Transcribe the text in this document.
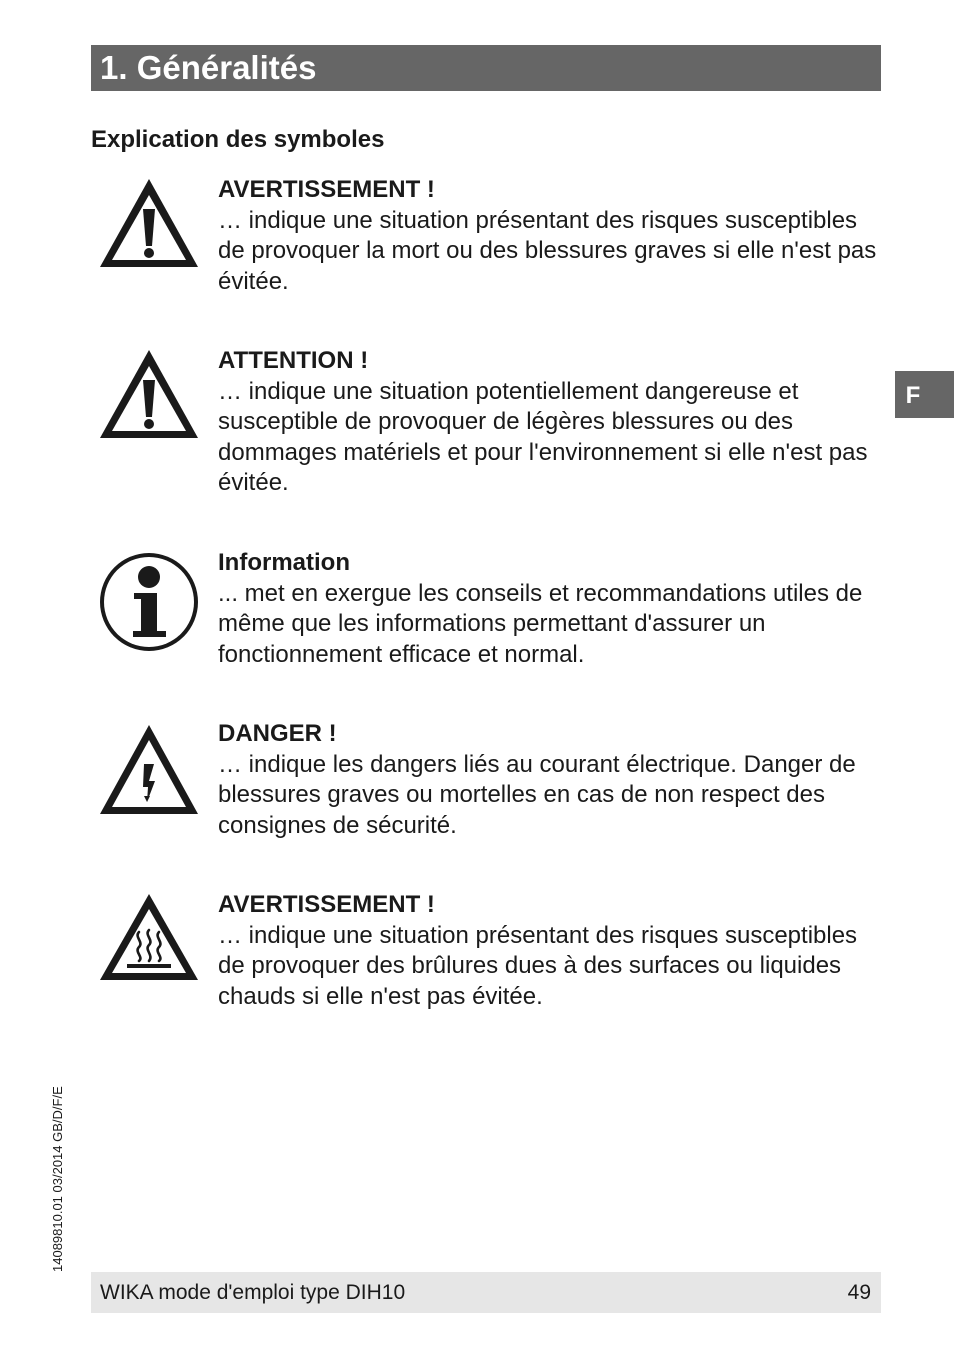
1. Généralités
Explication des symboles
AVERTISSEMENT !
… indique une situation présentant des risques susceptibles de provoquer la mort ou des blessures graves si elle n'est pas évitée.
ATTENTION !
… indique une situation potentiellement dangereuse et susceptible de provoquer de légères blessures ou des dommages matériels et pour l'environnement si elle n'est pas évitée.
Information
... met en exergue les conseils et recommandations utiles de même que les informations permettant d'assurer un fonctionnement efficace et normal.
DANGER !
… indique les dangers liés au courant électrique. Danger de blessures graves ou mortelles en cas de non respect des consignes de sécurité.
AVERTISSEMENT !
… indique une situation présentant des risques susceptibles de provoquer des brûlures dues à des surfaces ou liquides chauds si elle n'est pas évitée.
F
14089810.01 03/2014 GB/D/F/E
WIKA mode d'emploi type DIH10	49
